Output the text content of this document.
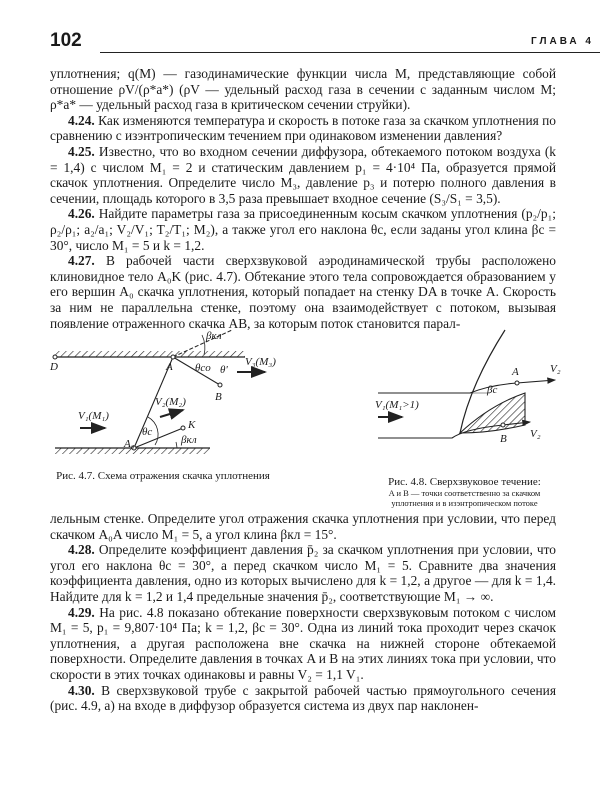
102	ГЛАВА 4

уплотнения; q(M) — газодинамические функции числа M, представляющие собой отношение ρV/(ρ*a*) (ρV — удельный расход газа в сечении с заданным числом M; ρ*a* — удельный расход газа в критическом сечении струйки).

4.24. Как изменяются температура и скорость в потоке газа за скачком уплотнения по сравнению с изэнтропическим течением при одинаковом изменении давления?

4.25. Известно, что во входном сечении диффузора, обтекаемого потоком воздуха (k = 1,4) с числом M₁ = 2 и статическим давлением p₁ = 4·10⁴ Па, образуется прямой скачок уплотнения. Определите число M₃, давление p₃ и потерю полного давления в сечении, площадь которого в 3,5 раза превышает входное сечение (S₃/S₁ = 3,5).

4.26. Найдите параметры газа за присоединенным косым скачком уплотнения (p₂/p₁; ρ₂/ρ₁; a₂/a₁; V₂/V₁; T₂/T₁; M₂), а также угол его наклона θc, если заданы угол клина βc = 30°, число M₁ = 5 и k = 1,2.

4.27. В рабочей части сверхзвуковой аэродинамической трубы расположено клиновидное тело A₀K (рис. 4.7). Обтекание этого тела сопровождается образованием у его вершин A₀ скачка уплотнения, который попадает на стенку DA в точке A. Скорость за ним не параллельна стенке, поэтому она взаимодействует с потоком, вызывая появление отраженного скачка AB, за которым поток становится парал-

D	A
B
A₀
K
βкл
βкл
θco θ'
θc
V₁(M₁)
V₂(M₂)
V₃(M₃)
A
B
V₁(M₁>1)
V₂
V₂
βc
Рис. 4.7. Схема отражения скачка уплотнения	Рис. 4.8. Сверхзвуковое течение:
A и B — точки соответственно за скачком уплотнения и в изэнтропическом потоке

лельным стенке. Определите угол отражения скачка уплотнения при условии, что перед скачком A₀A число M₁ = 5, а угол клина βкл = 15°.

4.28. Определите коэффициент давления p̄₂ за скачком уплотнения при условии, что угол его наклона θc = 30°, а перед скачком число M₁ = 5. Сравните два значения коэффициента давления, одно из которых вычислено для k = 1,2, а другое — для k = 1,4. Найдите для k = 1,2 и 1,4 предельные значения p̄₂, соответствующие M₁ → ∞.

4.29. На рис. 4.8 показано обтекание поверхности сверхзвуковым потоком с числом M₁ = 5, p₁ = 9,807·10⁴ Па; k = 1,2, βc = 30°. Одна из линий тока проходит через скачок уплотнения, а другая расположена вне скачка на нижней стороне обтекаемой поверхности. Определите давления в точках A и B на этих линиях тока при условии, что скорости в этих точках одинаковы и равны V₂ = 1,1 V₁.

4.30. В сверхзвуковой трубе с закрытой рабочей частью прямоугольного сечения (рис. 4.9, a) на входе в диффузор образуется система из двух пар наклонен-
